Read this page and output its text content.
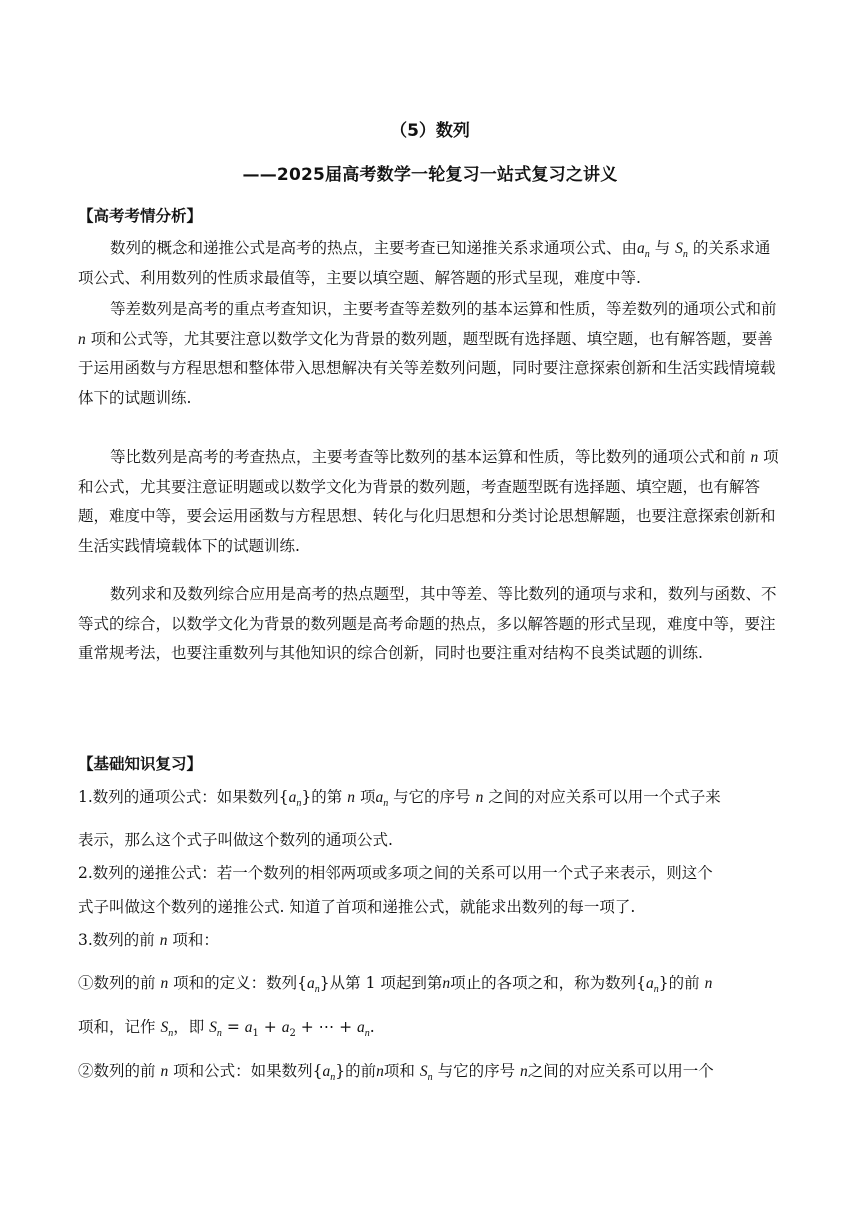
（5）数列
——2025届高考数学一轮复习一站式复习之讲义
【高考考情分析】
数列的概念和递推公式是高考的热点，主要考查已知递推关系求通项公式、由$a_n$ 与 $S_n$ 的关系求通项公式、利用数列的性质求最值等，主要以填空题、解答题的形式呈现，难度中等.
等差数列是高考的重点考查知识，主要考查等差数列的基本运算和性质，等差数列的通项公式和前 n 项和公式等，尤其要注意以数学文化为背景的数列题，题型既有选择题、填空题，也有解答题，要善于运用函数与方程思想和整体带入思想解决有关等差数列问题，同时要注意探索创新和生活实践情境载体下的试题训练.
等比数列是高考的考查热点，主要考查等比数列的基本运算和性质，等比数列的通项公式和前 n 项和公式，尤其要注意证明题或以数学文化为背景的数列题，考查题型既有选择题、填空题，也有解答题，难度中等，要会运用函数与方程思想、转化与化归思想和分类讨论思想解题，也要注意探索创新和生活实践情境载体下的试题训练.
数列求和及数列综合应用是高考的热点题型，其中等差、等比数列的通项与求和，数列与函数、不等式的综合，以数学文化为背景的数列题是高考命题的热点，多以解答题的形式呈现，难度中等，要注重常规考法，也要注重数列与其他知识的综合创新，同时也要注重对结构不良类试题的训练.
【基础知识复习】
1.数列的通项公式：如果数列$\{a_n\}$的第 n 项$a_n$ 与它的序号 n 之间的对应关系可以用一个式子来
表示，那么这个式子叫做这个数列的通项公式.
2.数列的递推公式：若一个数列的相邻两项或多项之间的关系可以用一个式子来表示，则这个
式子叫做这个数列的递推公式. 知道了首项和递推公式，就能求出数列的每一项了.
3.数列的前 n 项和：
①数列的前 n 项和的定义：数列$\{a_n\}$从第 1 项起到第n项止的各项之和，称为数列$\{a_n\}$的前 n
项和，记作 $S_n$，即 $S_n = a_1 + a_2$ + ⋯ + $a_n$.
②数列的前 n 项和公式：如果数列$\{a_n\}$的前n项和 $S_n$ 与它的序号 n之间的对应关系可以用一个
